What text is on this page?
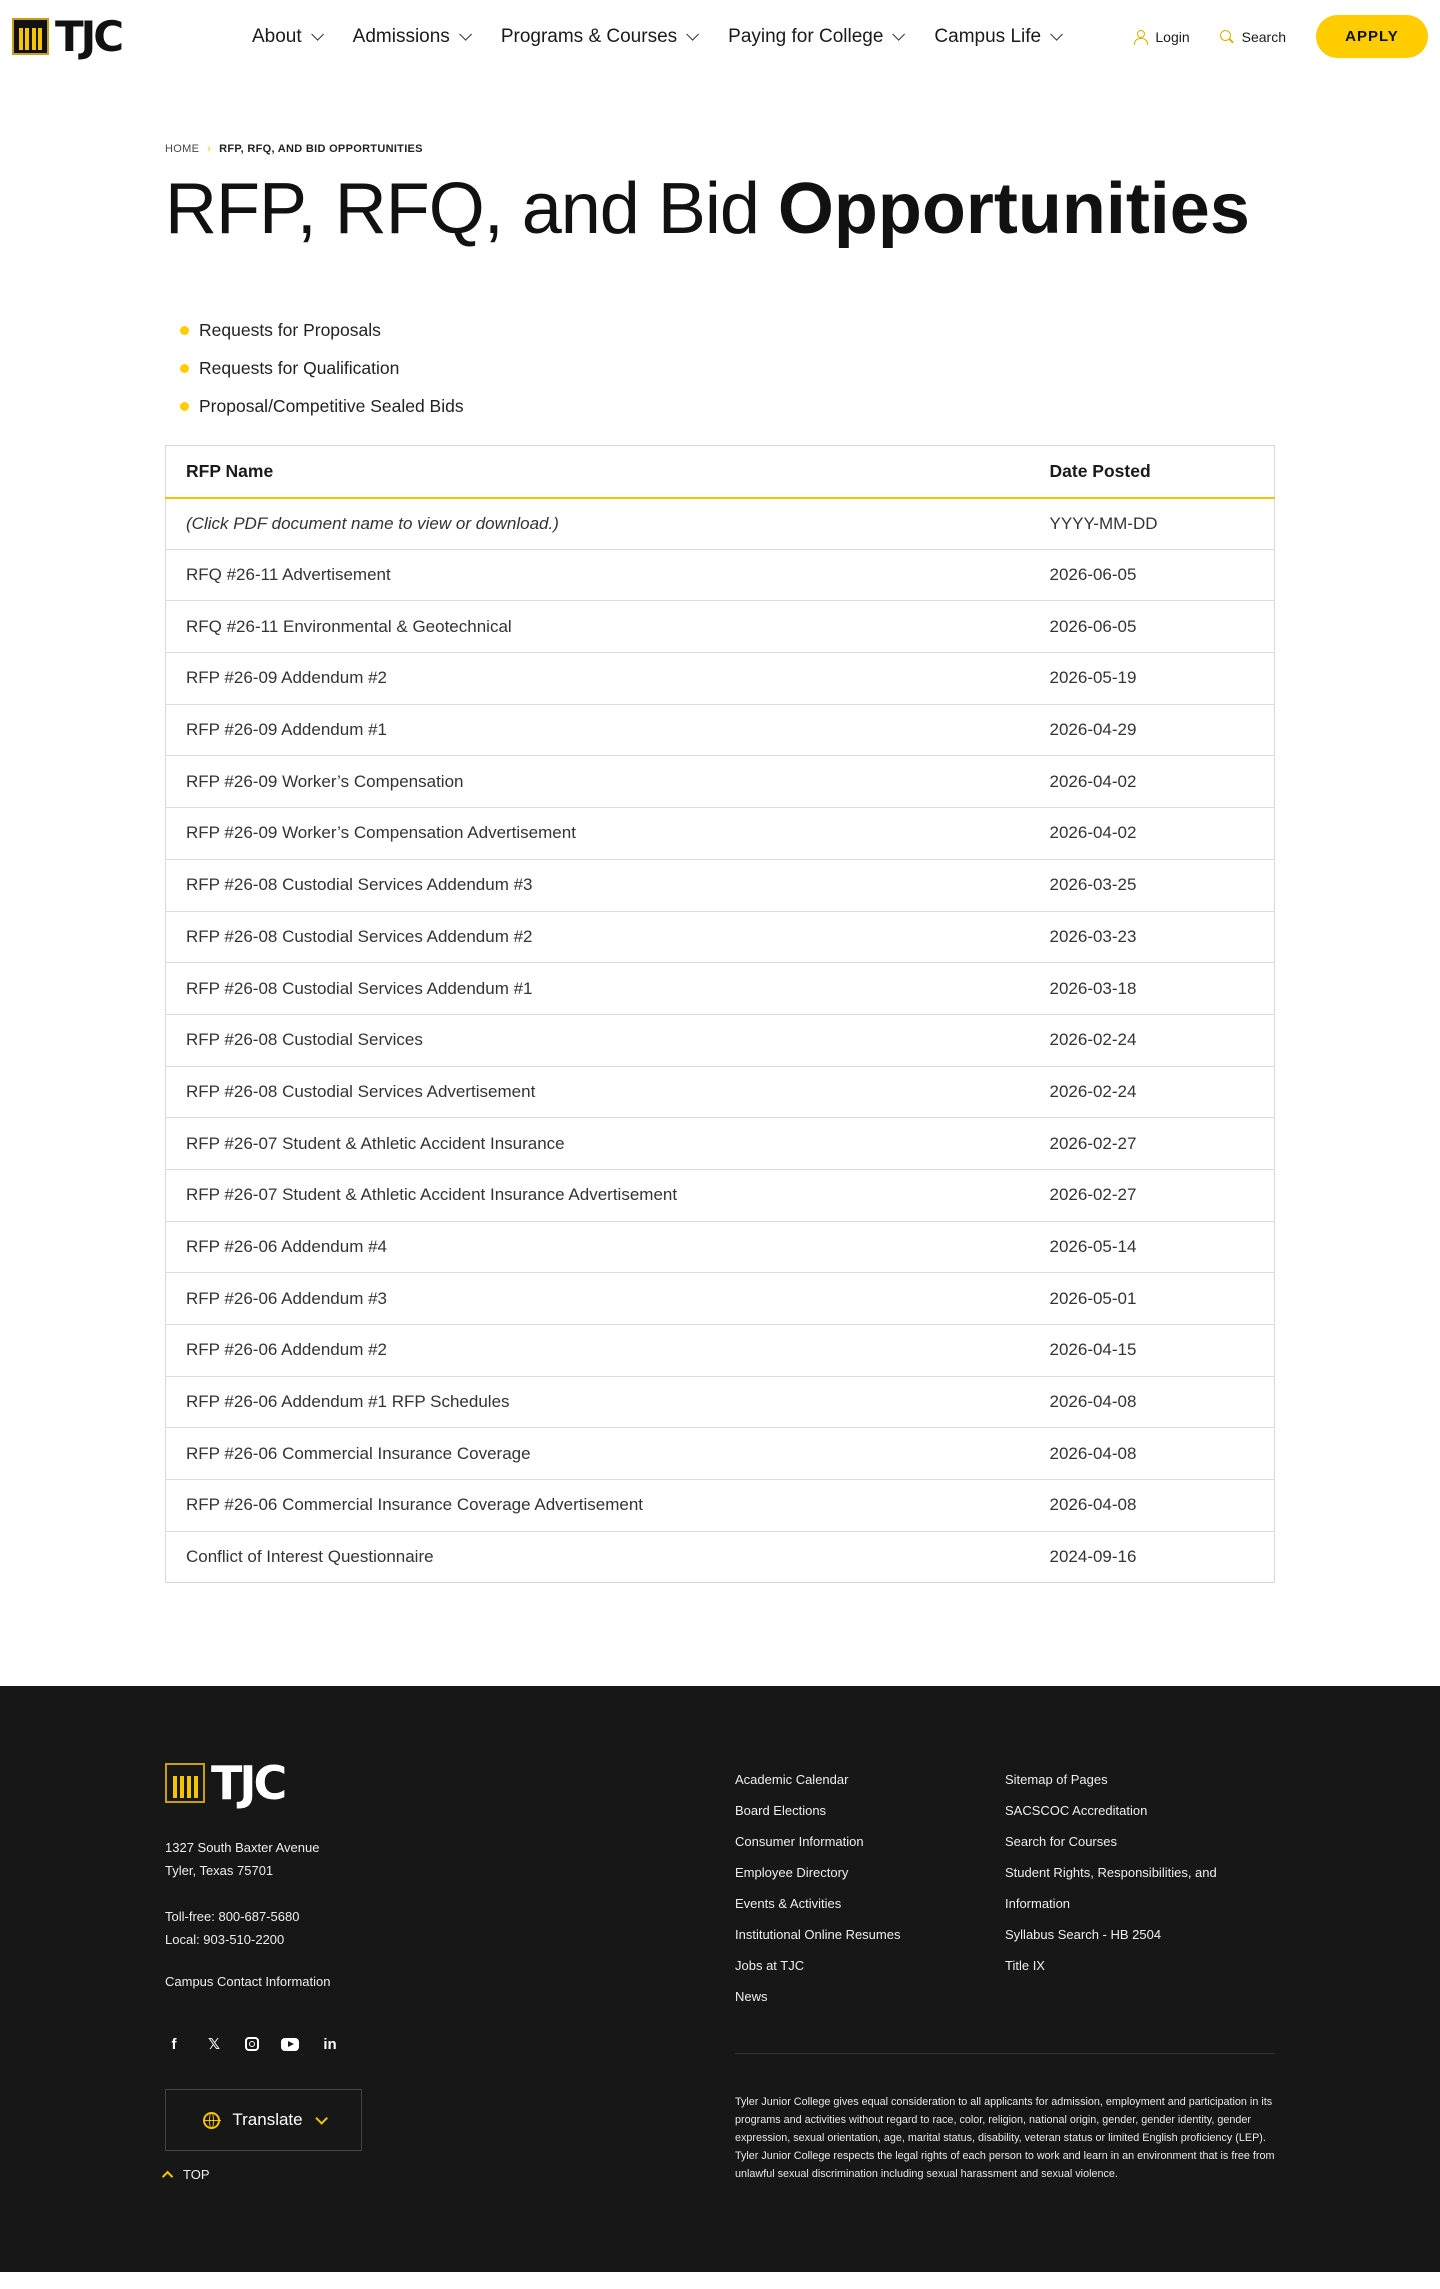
TJC	About	Admissions	Programs & Courses	Paying for College	Campus Life	Login	Search	APPLY
HOME › RFP, RFQ, AND BID OPPORTUNITIES
RFP, RFQ, and Bid Opportunities
Requests for Proposals
Requests for Qualification
Proposal/Competitive Sealed Bids
RFP Name	Date Posted
(Click PDF document name to view or download.)	YYYY-MM-DD
RFQ #26-11 Advertisement	2026-06-05
RFQ #26-11 Environmental & Geotechnical	2026-06-05
RFP #26-09 Addendum #2	2026-05-19
RFP #26-09 Addendum #1	2026-04-29
RFP #26-09 Worker’s Compensation	2026-04-02
RFP #26-09 Worker’s Compensation Advertisement	2026-04-02
RFP #26-08 Custodial Services Addendum #3	2026-03-25
RFP #26-08 Custodial Services Addendum #2	2026-03-23
RFP #26-08 Custodial Services Addendum #1	2026-03-18
RFP #26-08 Custodial Services	2026-02-24
RFP #26-08 Custodial Services Advertisement	2026-02-24
RFP #26-07 Student & Athletic Accident Insurance	2026-02-27
RFP #26-07 Student & Athletic Accident Insurance Advertisement	2026-02-27
RFP #26-06 Addendum #4	2026-05-14
RFP #26-06 Addendum #3	2026-05-01
RFP #26-06 Addendum #2	2026-04-15
RFP #26-06 Addendum #1 RFP Schedules	2026-04-08
RFP #26-06 Commercial Insurance Coverage	2026-04-08
RFP #26-06 Commercial Insurance Coverage Advertisement	2026-04-08
Conflict of Interest Questionnaire	2024-09-16
TJC
1327 South Baxter Avenue
Tyler, Texas 75701
Toll-free: 800-687-5680
Local: 903-510-2200
Campus Contact Information
f	𝕏	in
Translate
TOP
Academic Calendar
Board Elections
Consumer Information
Employee Directory
Events & Activities
Institutional Online Resumes
Jobs at TJC
News
Sitemap of Pages
SACSCOC Accreditation
Search for Courses
Student Rights, Responsibilities, and Information
Syllabus Search - HB 2504
Title IX

Tyler Junior College gives equal consideration to all applicants for admission, employment and participation in its programs and activities without regard to race, color, religion, national origin, gender, gender identity, gender expression, sexual orientation, age, marital status, disability, veteran status or limited English proficiency (LEP). Tyler Junior College respects the legal rights of each person to work and learn in an environment that is free from unlawful sexual discrimination including sexual harassment and sexual violence.
